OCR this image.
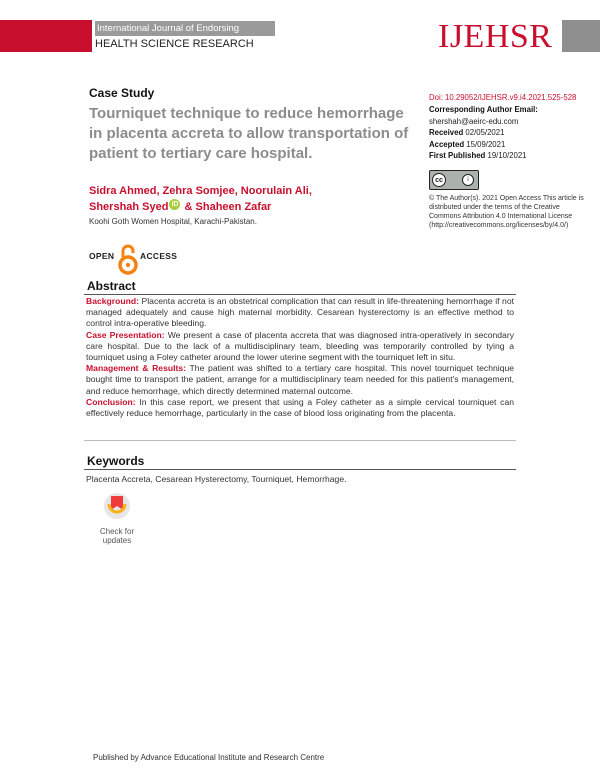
International Journal of Endorsing
HEALTH SCIENCE RESEARCH	IJEHSR
Case Study
Tourniquet technique to reduce hemorrhage in placenta accreta to allow transportation of patient to tertiary care hospital.
Sidra Ahmed, Zehra Somjee, Noorulain Ali,
Shershah Syed iD & Shaheen Zafar
Koohi Goth Women Hospital, Karachi-Pakistan.
OPEN	ACCESS
Doi: 10.29052/IJEHSR.v9.i4.2021.525-528
Corresponding Author Email:
shershah@aeirc-edu.com
Received 02/05/2021
Accepted 15/09/2021
First Published 19/10/2021
cc	i
© The Author(s). 2021 Open Access This article is distributed under the terms of the Creative Commons Attribution 4.0 International License (http://creativecommons.org/licenses/by/4.0/)
Abstract

Background: Placenta accreta is an obstetrical complication that can result in life-threatening hemorrhage if not managed adequately and cause high maternal morbidity. Cesarean hysterectomy is an effective method to control intra-operative bleeding.

Case Presentation: We present a case of placenta accreta that was diagnosed intra-operatively in secondary care hospital. Due to the lack of a multidisciplinary team, bleeding was temporarily controlled by tying a tourniquet using a Foley catheter around the lower uterine segment with the tourniquet left in situ.

Management & Results: The patient was shifted to a tertiary care hospital. This novel tourniquet technique bought time to transport the patient, arrange for a multidisciplinary team needed for this patient's management, and reduce hemorrhage, which directly determined maternal outcome.

Conclusion: In this case report, we present that using a Foley catheter as a simple cervical tourniquet can effectively reduce hemorrhage, particularly in the case of blood loss originating from the placenta.

Keywords
Placenta Accreta, Cesarean Hysterectomy, Tourniquet, Hemorrhage.
Check for
updates
Published by Advance Educational Institute and Research Centre
